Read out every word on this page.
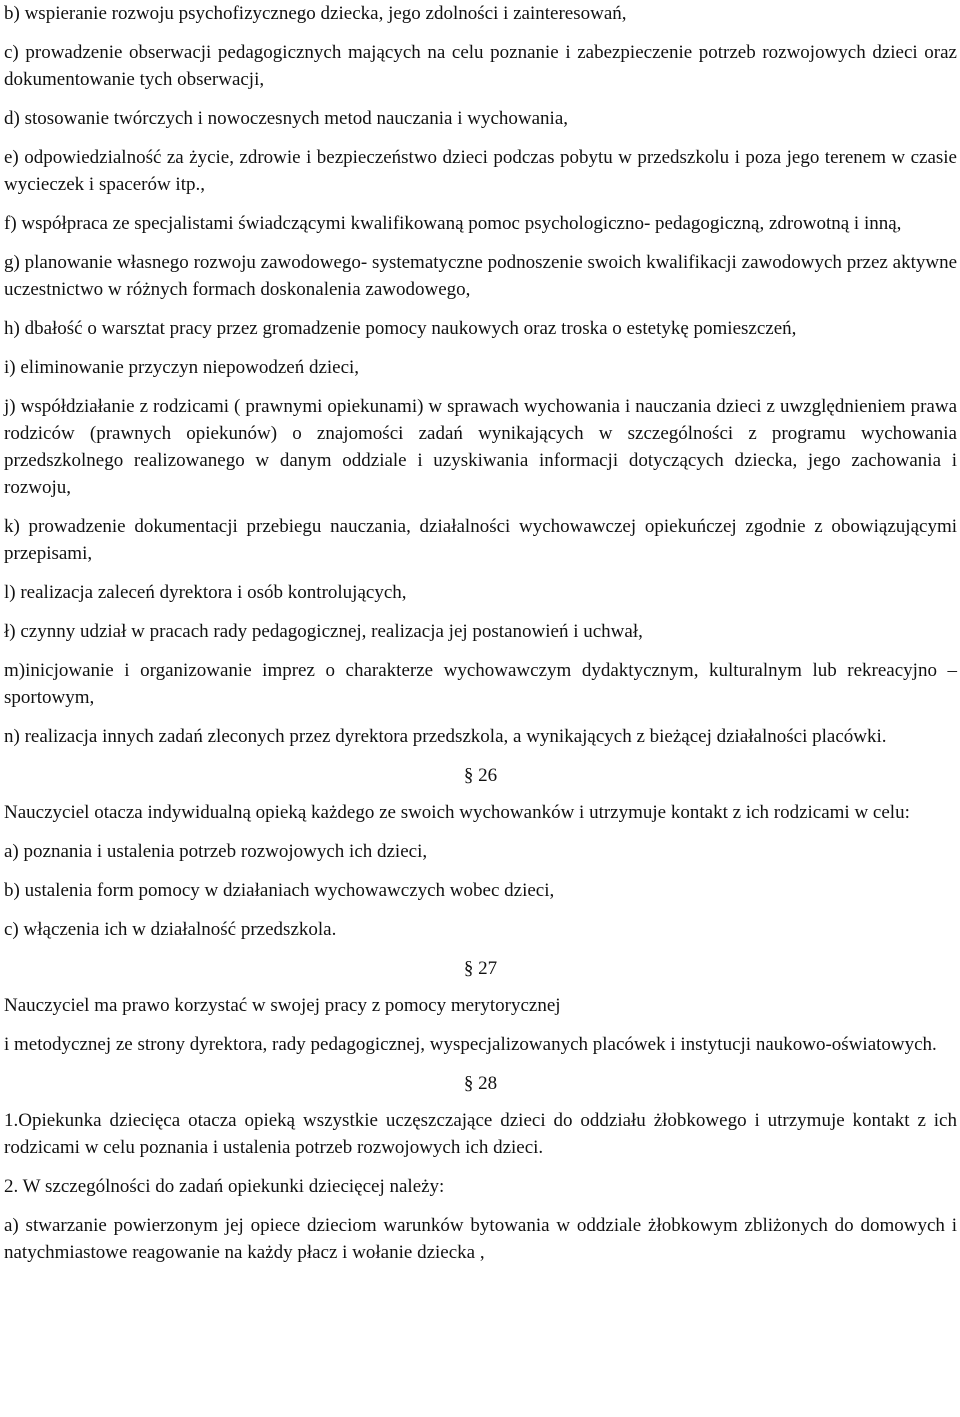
b) wspieranie rozwoju psychofizycznego dziecka, jego zdolności i zainteresowań,

c) prowadzenie obserwacji pedagogicznych mających na celu poznanie i zabezpieczenie potrzeb rozwojowych dzieci oraz dokumentowanie tych obserwacji,

d) stosowanie twórczych i nowoczesnych metod nauczania i wychowania,

e) odpowiedzialność za życie, zdrowie i bezpieczeństwo dzieci podczas pobytu w przedszkolu i poza jego terenem w czasie wycieczek i spacerów itp.,

f) współpraca ze specjalistami świadczącymi kwalifikowaną pomoc psychologiczno- pedagogiczną, zdrowotną i inną,

g) planowanie własnego rozwoju zawodowego- systematyczne podnoszenie swoich kwalifikacji zawodowych przez aktywne uczestnictwo w różnych formach doskonalenia zawodowego,

h) dbałość o warsztat pracy przez gromadzenie pomocy naukowych oraz troska o estetykę pomieszczeń,

i) eliminowanie przyczyn niepowodzeń dzieci,

j) współdziałanie z rodzicami ( prawnymi opiekunami) w sprawach wychowania i nauczania dzieci z uwzględnieniem prawa rodziców (prawnych opiekunów) o znajomości zadań wynikających w szczególności z programu wychowania przedszkolnego realizowanego w danym oddziale i uzyskiwania informacji dotyczących dziecka, jego zachowania i rozwoju,

k) prowadzenie dokumentacji przebiegu nauczania, działalności wychowawczej opiekuńczej zgodnie z obowiązującymi przepisami,

l) realizacja zaleceń dyrektora i osób kontrolujących,

ł) czynny udział w pracach rady pedagogicznej, realizacja jej postanowień i uchwał,

m)inicjowanie i organizowanie imprez o charakterze wychowawczym dydaktycznym, kulturalnym lub rekreacyjno – sportowym,

n) realizacja innych zadań zleconych przez dyrektora przedszkola, a wynikających z bieżącej działalności placówki.

§ 26

Nauczyciel otacza indywidualną opieką każdego ze swoich wychowanków i utrzymuje kontakt z ich rodzicami w celu:

a) poznania i ustalenia potrzeb rozwojowych ich dzieci,

b) ustalenia form pomocy w działaniach wychowawczych wobec dzieci,

c) włączenia ich w działalność przedszkola.

§ 27

Nauczyciel ma prawo korzystać w swojej pracy z pomocy merytorycznej

i metodycznej ze strony dyrektora, rady pedagogicznej, wyspecjalizowanych placówek i instytucji naukowo-oświatowych.

§ 28

1.Opiekunka dziecięca otacza opieką wszystkie uczęszczające dzieci do oddziału żłobkowego i utrzymuje kontakt z ich rodzicami w celu poznania i ustalenia potrzeb rozwojowych ich dzieci.

2. W szczególności do zadań opiekunki dziecięcej należy:

a) stwarzanie powierzonym jej opiece dzieciom warunków bytowania w oddziale żłobkowym zbliżonych do domowych i natychmiastowe reagowanie na każdy płacz i wołanie dziecka ,
